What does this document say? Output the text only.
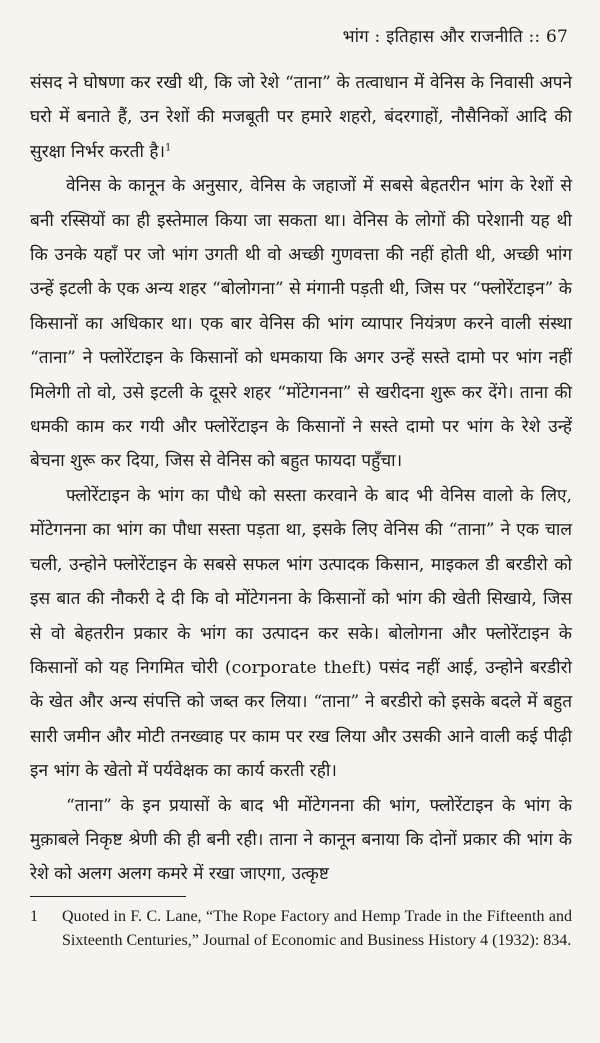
भांग : इतिहास और राजनीति :: 67

संसद ने घोषणा कर रखी थी, कि जो रेशे “ताना” के तत्वाधान में वेनिस के निवासी अपने घरो में बनाते हैं, उन रेशों की मजबूती पर हमारे शहरो, बंदरगाहों, नौसैनिकों आदि की सुरक्षा निर्भर करती है।$^1$

वेनिस के कानून के अनुसार, वेनिस के जहाजों में सबसे बेहतरीन भांग के रेशों से बनी रस्सियों का ही इस्तेमाल किया जा सकता था। वेनिस के लोगों की परेशानी यह थी कि उनके यहाँ पर जो भांग उगती थी वो अच्छी गुणवत्ता की नहीं होती थी, अच्छी भांग उन्हें इटली के एक अन्य शहर “बोलोगना” से मंगानी पड़ती थी, जिस पर “फ्लोरेंटाइन” के किसानों का अधिकार था। एक बार वेनिस की भांग व्यापार नियंत्रण करने वाली संस्था “ताना” ने फ्लोरेंटाइन के किसानों को धमकाया कि अगर उन्हें सस्ते दामो पर भांग नहीं मिलेगी तो वो, उसे इटली के दूसरे शहर “मोंटेगनना” से खरीदना शुरू कर देंगे। ताना की धमकी काम कर गयी और फ्लोरेंटाइन के किसानों ने सस्ते दामो पर भांग के रेशे उन्हें बेचना शुरू कर दिया, जिस से वेनिस को बहुत फायदा पहुँचा।

फ्लोरेंटाइन के भांग का पौधे को सस्ता करवाने के बाद भी वेनिस वालो के लिए, मोंटेगनना का भांग का पौधा सस्ता पड़ता था, इसके लिए वेनिस की “ताना” ने एक चाल चली, उन्होने फ्लोरेंटाइन के सबसे सफल भांग उत्पादक किसान, माइकल डी बरडीरो को इस बात की नौकरी दे दी कि वो मोंटेगनना के किसानों को भांग की खेती सिखाये, जिस से वो बेहतरीन प्रकार के भांग का उत्पादन कर सके। बोलोगना और फ्लोरेंटाइन के किसानों को यह निगमित चोरी (corporate theft) पसंद नहीं आई, उन्होने बरडीरो के खेत और अन्य संपत्ति को जब्त कर लिया। “ताना” ने बरडीरो को इसके बदले में बहुत सारी जमीन और मोटी तनख्वाह पर काम पर रख लिया और उसकी आने वाली कई पीढ़ी इन भांग के खेतो में पर्यवेक्षक का कार्य करती रही।

“ताना” के इन प्रयासों के बाद भी मोंटेगनना की भांग, फ्लोरेंटाइन के भांग के मुक़ाबले निकृष्ट श्रेणी की ही बनी रही। ताना ने कानून बनाया कि दोनों प्रकार की भांग के रेशे को अलग अलग कमरे में रखा जाएगा, उत्कृष्ट

1	Quoted in F. C. Lane, “The Rope Factory and Hemp Trade in the Fifteenth and Sixteenth Centuries,” Journal of Economic and Business History 4 (1932): 834.
